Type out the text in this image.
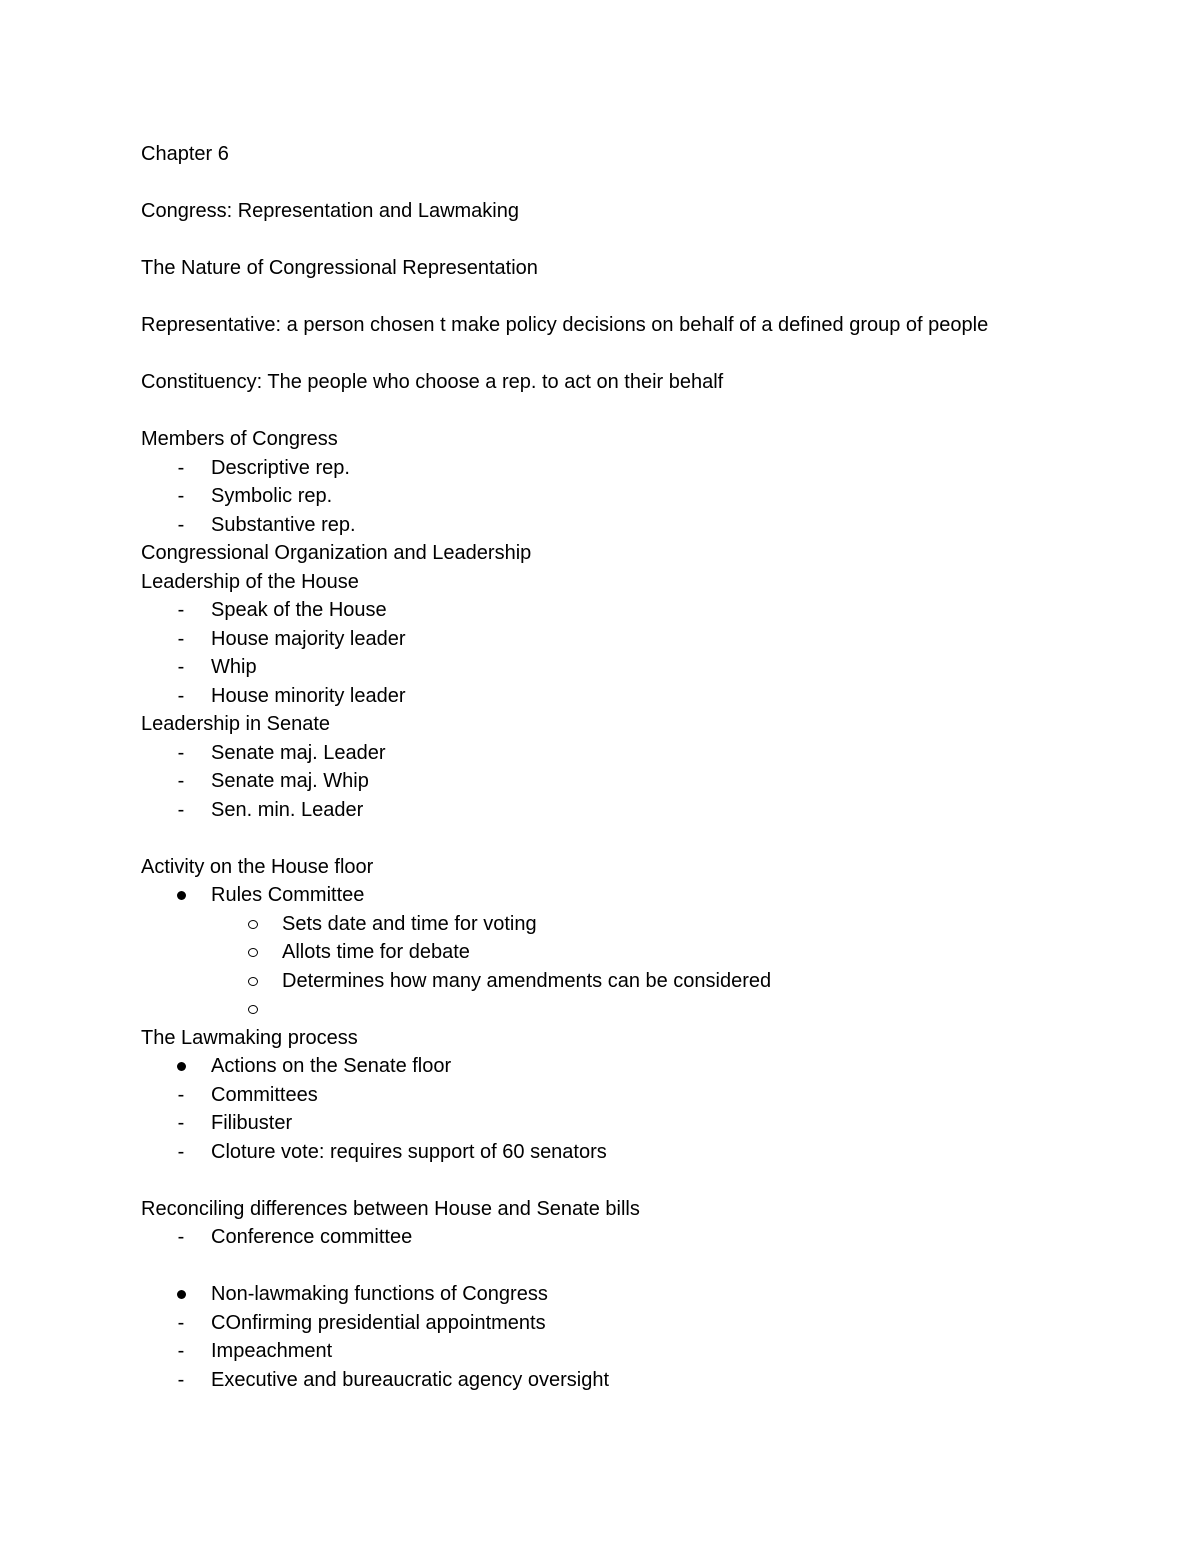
Chapter 6
Congress: Representation and Lawmaking
The Nature of Congressional Representation
Representative: a person chosen t make policy decisions on behalf of a defined group of people
Constituency: The people who choose a rep. to act on their behalf
Members of Congress
-	Descriptive rep.
-	Symbolic rep.
-	Substantive rep.
Congressional Organization and Leadership
Leadership of the House
-	Speak of the House
-	House majority leader
-	Whip
-	House minority leader
Leadership in Senate
-	Senate maj. Leader
-	Senate maj. Whip
-	Sen. min. Leader
Activity on the House floor
Rules Committee
Sets date and time for voting
Allots time for debate
Determines how many amendments can be considered
The Lawmaking process
Actions on the Senate floor
-	Committees
-	Filibuster
-	Cloture vote: requires support of 60 senators
Reconciling differences between House and Senate bills
-	Conference committee
Non-lawmaking functions of Congress
-	COnfirming presidential appointments
-	Impeachment
-	Executive and bureaucratic agency oversight
